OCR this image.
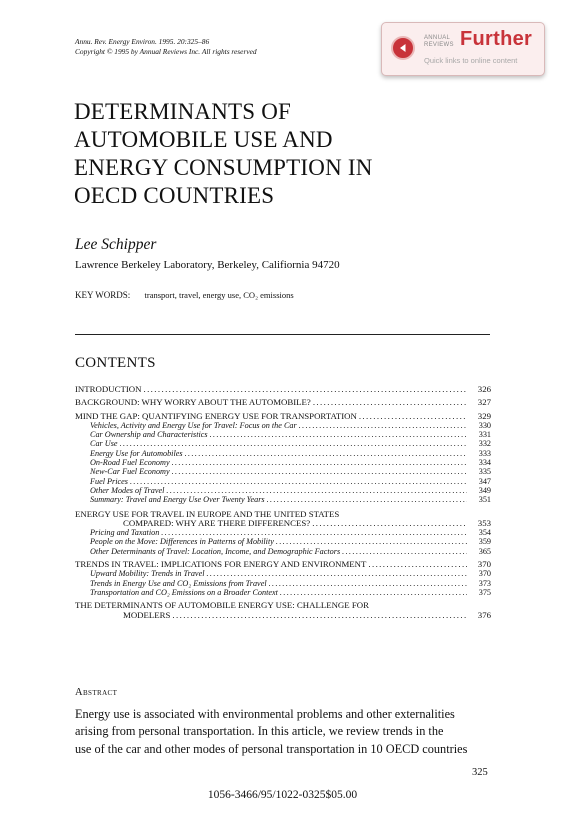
Annu. Rev. Energy Environ. 1995. 20:325–86
Copyright © 1995 by Annual Reviews Inc. All rights reserved
ANNUAL
REVIEWS Further
Quick links to online content
DETERMINANTS OF
AUTOMOBILE USE AND
ENERGY CONSUMPTION IN
OECD COUNTRIES
Lee Schipper
Lawrence Berkeley Laboratory, Berkeley, Califiornia 94720
KEY WORDS: transport, travel, energy use, CO₂ emissions
CONTENTS
INTRODUCTION .....	326
BACKGROUND: WHY WORRY ABOUT THE AUTOMOBILE? .....	327
MIND THE GAP: QUANTIFYING ENERGY USE FOR TRANSPORTATION .....	329
Vehicles, Activity and Energy Use for Travel: Focus on the Car .....	330
Car Ownership and Characteristics .....	331
Car Use .....	332
Energy Use for Automobiles .....	333
On-Road Fuel Economy .....	334
New-Car Fuel Economy .....	335
Fuel Prices .....	347
Other Modes of Travel .....	349
Summary: Travel and Energy Use Over Twenty Years .....	351
ENERGY USE FOR TRAVEL IN EUROPE AND THE UNITED STATES
COMPARED: WHY ARE THERE DIFFERENCES? .....	353
Pricing and Taxation .....	354
People on the Move: Differences in Patterns of Mobility .....	359
Other Determinants of Travel: Location, Income, and Demographic Factors .....	365
TRENDS IN TRAVEL: IMPLICATIONS FOR ENERGY AND ENVIRONMENT .....	370
Upward Mobility: Trends in Travel .....	370
Trends in Energy Use and CO₂ Emissions from Travel .....	373
Transportation and CO₂ Emissions on a Broader Context .....	375
THE DETERMINANTS OF AUTOMOBILE ENERGY USE: CHALLENGE FOR
MODELERS .....	376
Abstract
Energy use is associated with environmental problems and other externalities
arising from personal transportation. In this article, we review trends in the
use of the car and other modes of personal transportation in 10 OECD countries
325
1056-3466/95/1022-0325$05.00
